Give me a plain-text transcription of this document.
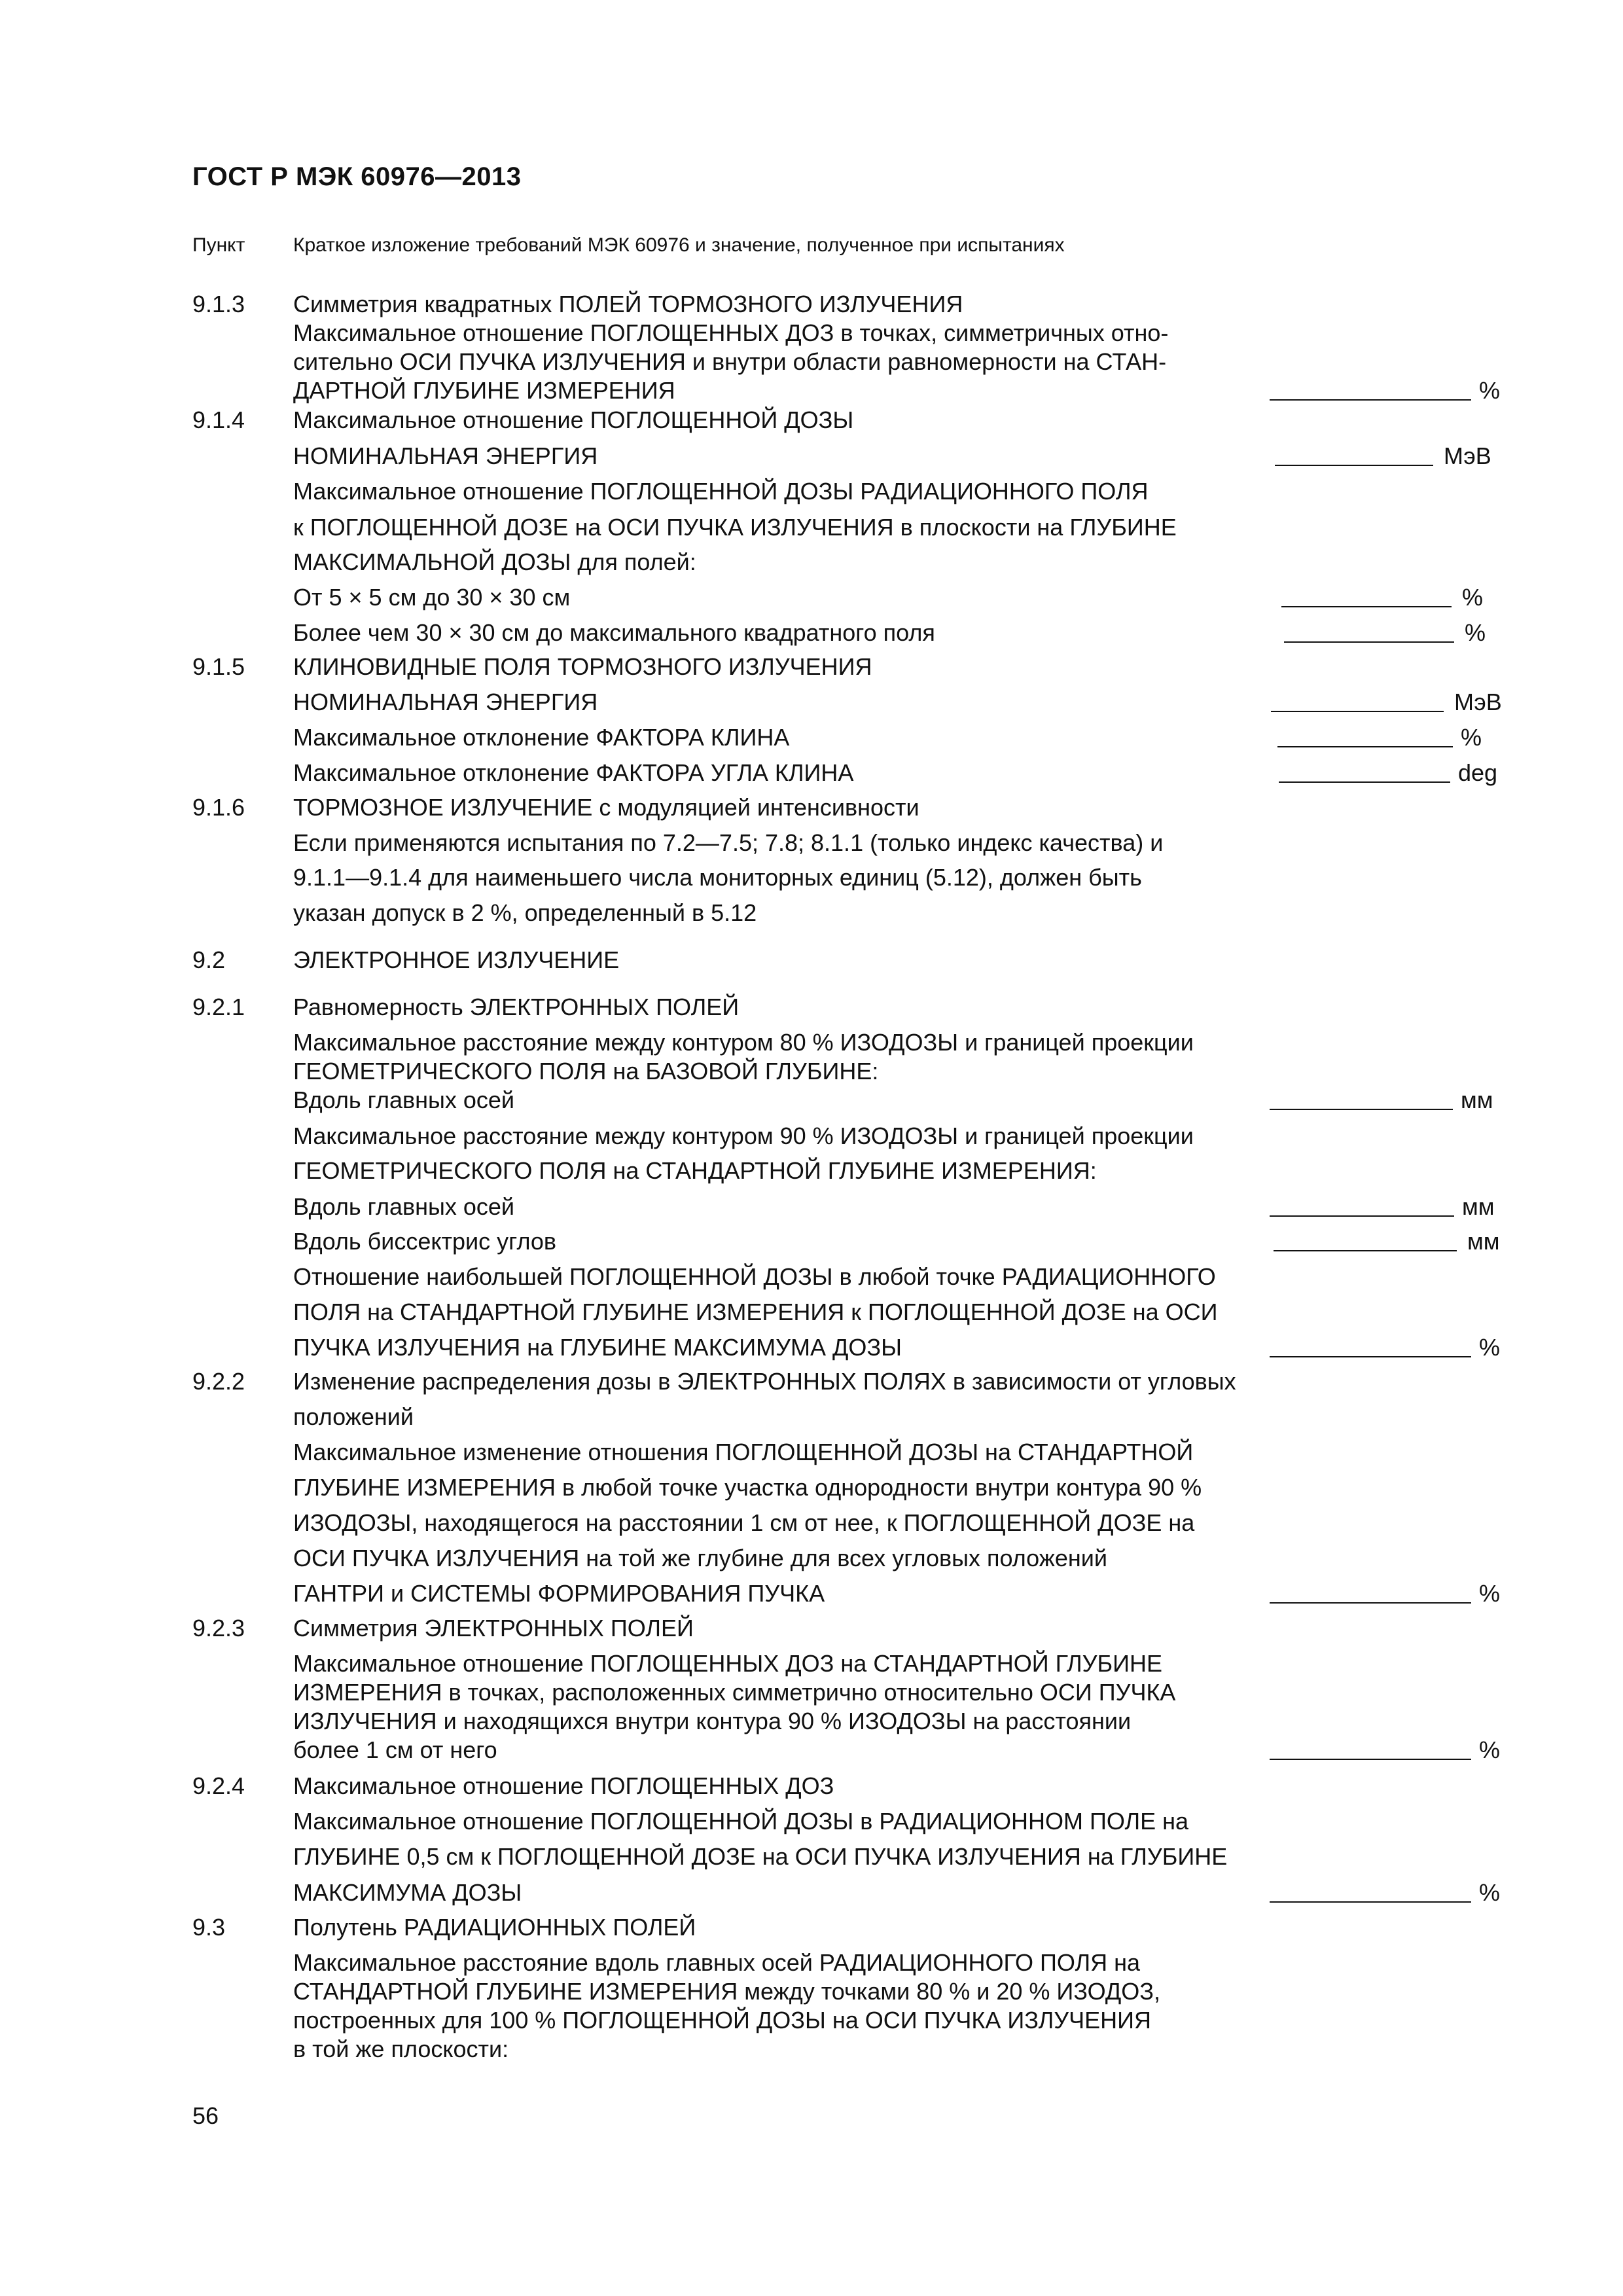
ГОСТ Р МЭК 60976—2013
Пункт Краткое изложение требований МЭК 60976 и значение, полученное при испытаниях
9.1.3 Симметрия квадратных ПОЛЕЙ ТОРМОЗНОГО ИЗЛУЧЕНИЯ
Максимальное отношение ПОГЛОЩЕННЫХ ДОЗ в точках, симметричных отно-
сительно ОСИ ПУЧКА ИЗЛУЧЕНИЯ и внутри области равномерности на СТАН-
ДАРТНОЙ ГЛУБИНЕ ИЗМЕРЕНИЯ
9.1.4 Максимальное отношение ПОГЛОЩЕННОЙ ДОЗЫ
НОМИНАЛЬНАЯ ЭНЕРГИЯ
Максимальное отношение ПОГЛОЩЕННОЙ ДОЗЫ РАДИАЦИОННОГО ПОЛЯ
к ПОГЛОЩЕННОЙ ДОЗЕ на ОСИ ПУЧКА ИЗЛУЧЕНИЯ в плоскости на ГЛУБИНЕ
МАКСИМАЛЬНОЙ ДОЗЫ для полей:
От 5 × 5 см до 30 × 30 см
Более чем 30 × 30 см до максимального квадратного поля
9.1.5 КЛИНОВИДНЫЕ ПОЛЯ ТОРМОЗНОГО ИЗЛУЧЕНИЯ
НОМИНАЛЬНАЯ ЭНЕРГИЯ
Максимальное отклонение ФАКТОРА КЛИНА
Максимальное отклонение ФАКТОРА УГЛА КЛИНА
9.1.6 ТОРМОЗНОЕ ИЗЛУЧЕНИЕ с модуляцией интенсивности
Если применяются испытания по 7.2—7.5; 7.8; 8.1.1 (только индекс качества) и
9.1.1—9.1.4 для наименьшего числа мониторных единиц (5.12), должен быть
указан допуск в 2 %, определенный в 5.12
9.2	ЭЛЕКТРОННОЕ ИЗЛУЧЕНИЕ
9.2.1 Равномерность ЭЛЕКТРОННЫХ ПОЛЕЙ
Максимальное расстояние между контуром 80 % ИЗОДОЗЫ и границей проекции
ГЕОМЕТРИЧЕСКОГО ПОЛЯ на БАЗОВОЙ ГЛУБИНЕ:
Вдоль главных осей
Максимальное расстояние между контуром 90 % ИЗОДОЗЫ и границей проекции
ГЕОМЕТРИЧЕСКОГО ПОЛЯ на СТАНДАРТНОЙ ГЛУБИНЕ ИЗМЕРЕНИЯ:
Вдоль главных осей
Вдоль биссектрис углов
Отношение наибольшей ПОГЛОЩЕННОЙ ДОЗЫ в любой точке РАДИАЦИОННОГО
ПОЛЯ на СТАНДАРТНОЙ ГЛУБИНЕ ИЗМЕРЕНИЯ к ПОГЛОЩЕННОЙ ДОЗЕ на ОСИ
ПУЧКА ИЗЛУЧЕНИЯ на ГЛУБИНЕ МАКСИМУМА ДОЗЫ
9.2.2 Изменение распределения дозы в ЭЛЕКТРОННЫХ ПОЛЯХ в зависимости от угловых
положений
Максимальное изменение отношения ПОГЛОЩЕННОЙ ДОЗЫ на СТАНДАРТНОЙ
ГЛУБИНЕ ИЗМЕРЕНИЯ в любой точке участка однородности внутри контура 90 %
ИЗОДОЗЫ, находящегося на расстоянии 1 см от нее, к ПОГЛОЩЕННОЙ ДОЗЕ на
ОСИ ПУЧКА ИЗЛУЧЕНИЯ на той же глубине для всех угловых положений
ГАНТРИ и СИСТЕМЫ ФОРМИРОВАНИЯ ПУЧКА
9.2.3 Симметрия ЭЛЕКТРОННЫХ ПОЛЕЙ
Максимальное отношение ПОГЛОЩЕННЫХ ДОЗ на СТАНДАРТНОЙ ГЛУБИНЕ
ИЗМЕРЕНИЯ в точках, расположенных симметрично относительно ОСИ ПУЧКА
ИЗЛУЧЕНИЯ и находящихся внутри контура 90 % ИЗОДОЗЫ на расстоянии
более 1 см от него
9.2.4 Максимальное отношение ПОГЛОЩЕННЫХ ДОЗ
Максимальное отношение ПОГЛОЩЕННОЙ ДОЗЫ в РАДИАЦИОННОМ ПОЛЕ на
ГЛУБИНЕ 0,5 см к ПОГЛОЩЕННОЙ ДОЗЕ на ОСИ ПУЧКА ИЗЛУЧЕНИЯ на ГЛУБИНЕ
МАКСИМУМА ДОЗЫ
9.3	Полутень РАДИАЦИОННЫХ ПОЛЕЙ
Максимальное расстояние вдоль главных осей РАДИАЦИОННОГО ПОЛЯ на
СТАНДАРТНОЙ ГЛУБИНЕ ИЗМЕРЕНИЯ между точками 80 % и 20 % ИЗОДОЗ,
построенных для 100 % ПОГЛОЩЕННОЙ ДОЗЫ на ОСИ ПУЧКА ИЗЛУЧЕНИЯ
в той же плоскости:
%
МэВ
%
%
МэВ
%
deg
мм
мм
мм
%
%
%
%
56
